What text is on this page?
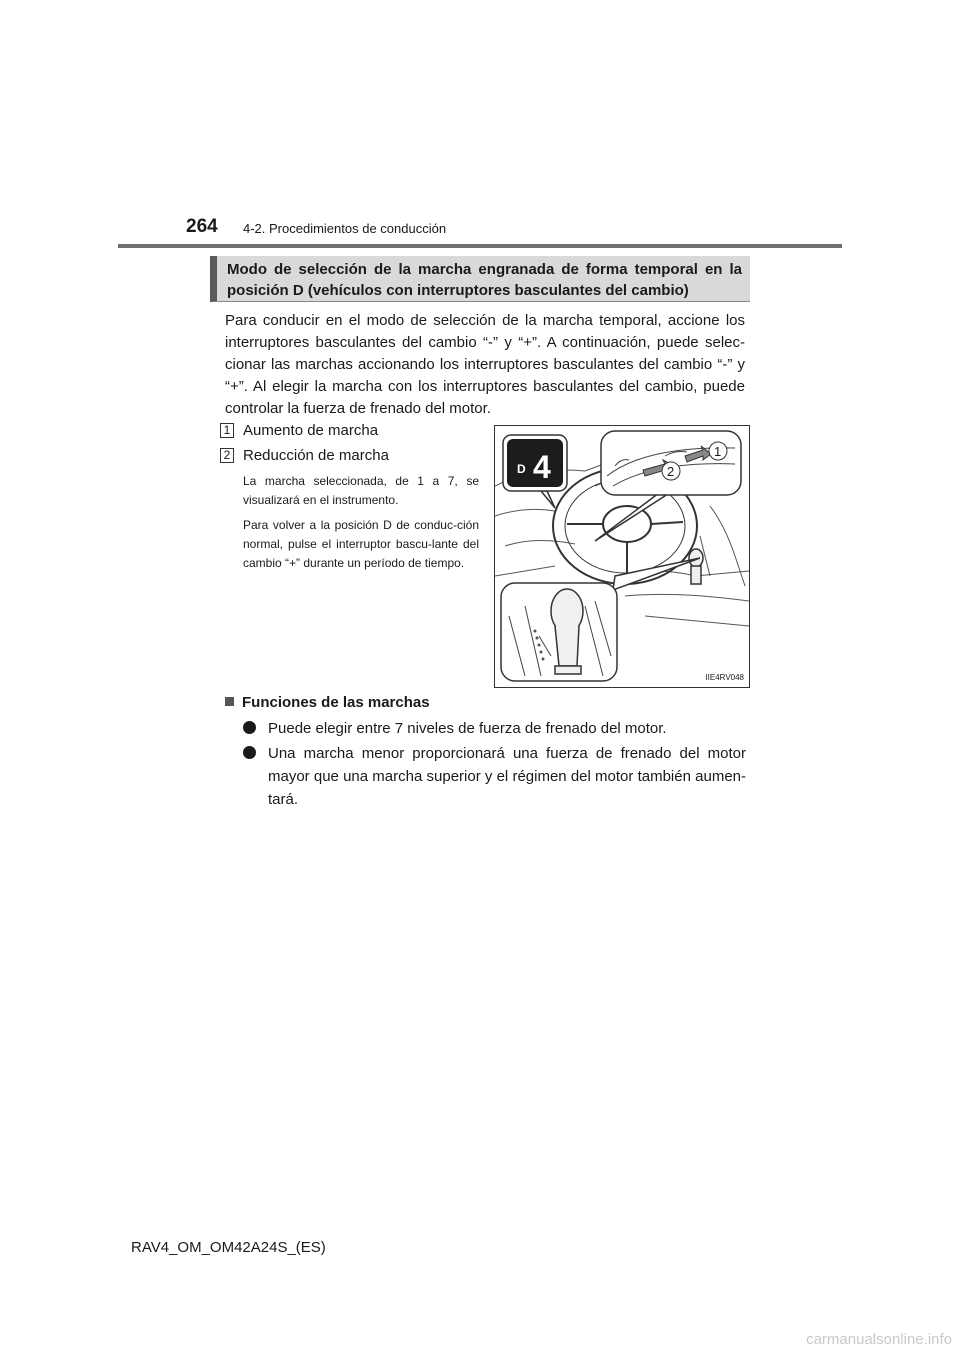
264 4-2. Procedimientos de conducción
Modo de selección de la marcha engranada de forma temporal en la posición D (vehículos con interruptores basculantes del cambio)
Para conducir en el modo de selección de la marcha temporal, accione los interruptores basculantes del cambio “-” y “+”. A continuación, puede selec-cionar las marchas accionando los interruptores basculantes del cambio “-” y “+”. Al elegir la marcha con los interruptores basculantes del cambio, puede controlar la fuerza de frenado del motor.
1 Aumento de marcha
2 Reducción de marcha
La marcha seleccionada, de 1 a 7, se visualizará en el instrumento.
Para volver a la posición D de conduc-ción normal, pulse el interruptor bascu-lante del cambio “+” durante un período de tiempo.
D 4	1
2
IIE4RV048
Funciones de las marchas
Puede elegir entre 7 niveles de fuerza de frenado del motor.
Una marcha menor proporcionará una fuerza de frenado del motor mayor que una marcha superior y el régimen del motor también aumen-tará.
RAV4_OM_OM42A24S_(ES)
carmanualsonline.info
